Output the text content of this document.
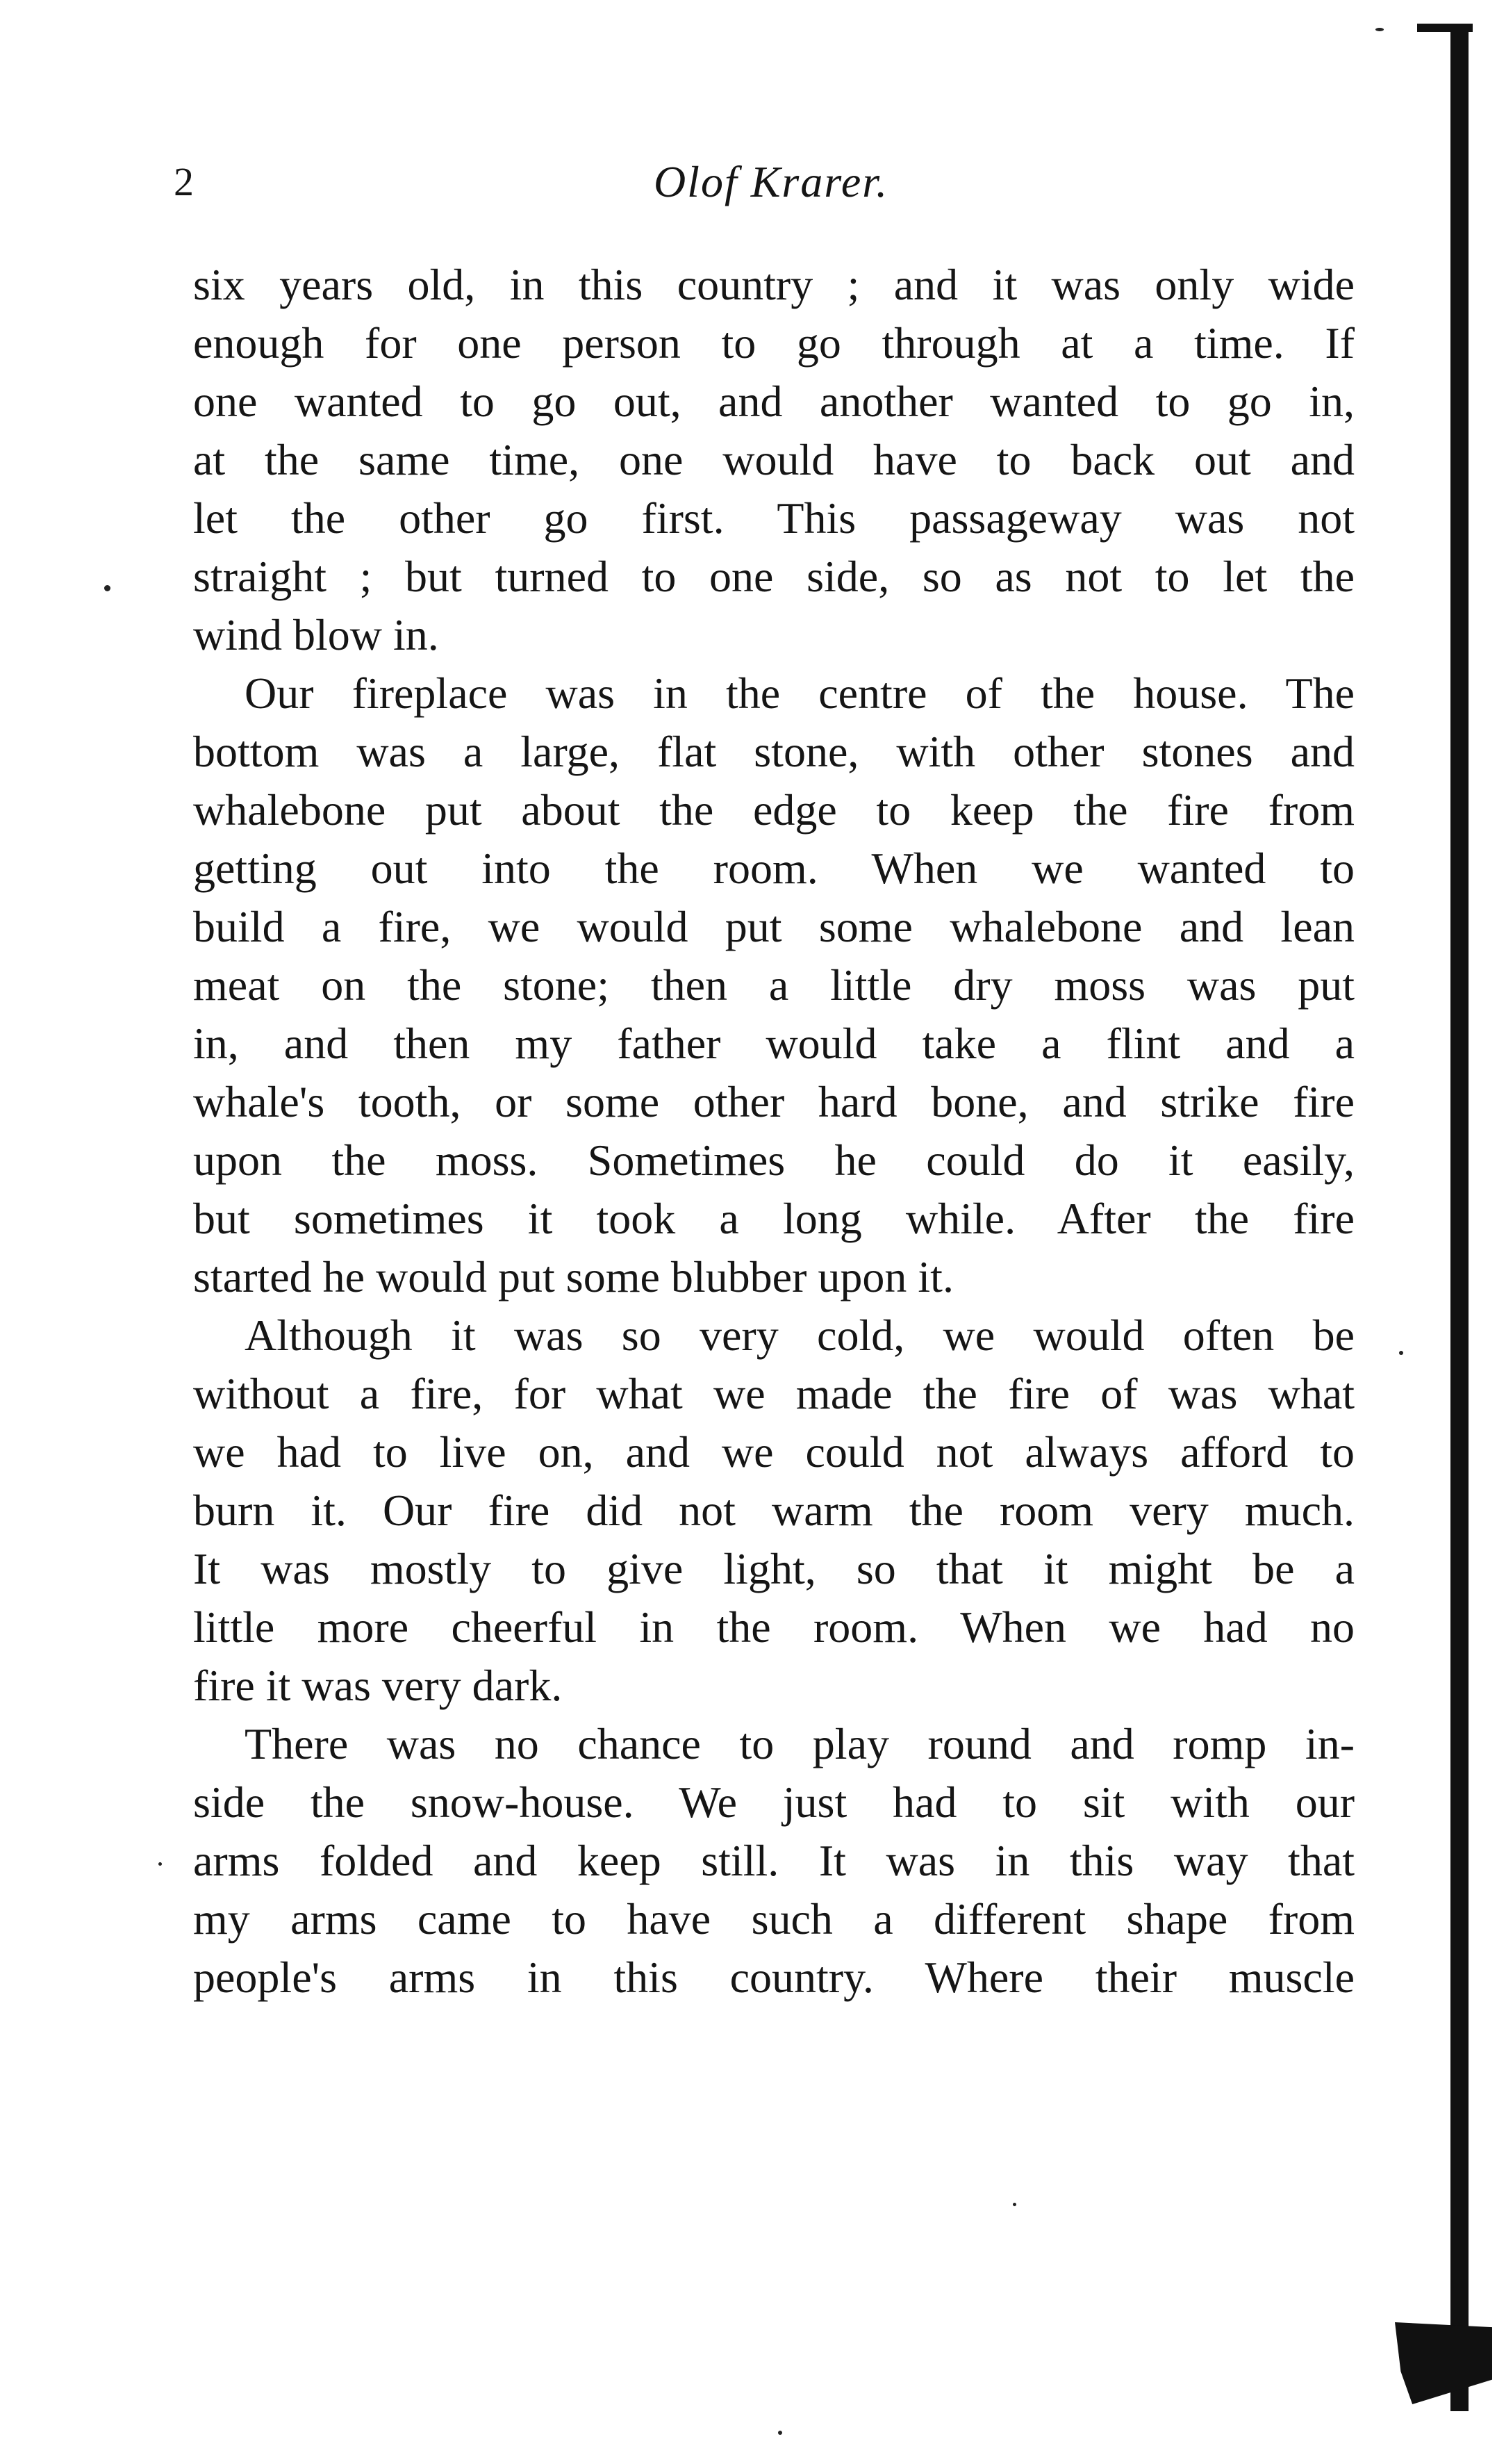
2	Olof Krarer.
six years old, in this country ; and it was only wide
enough for one person to go through at a time. If
one wanted to go out, and another wanted to go in,
at the same time, one would have to back out and
let the other go first. This passageway was not
straight ; but turned to one side, so as not to let the
wind blow in.
Our fireplace was in the centre of the house. The
bottom was a large, flat stone, with other stones and
whalebone put about the edge to keep the fire from
getting out into the room. When we wanted to
build a fire, we would put some whalebone and lean
meat on the stone; then a little dry moss was put
in, and then my father would take a flint and a
whale's tooth, or some other hard bone, and strike fire
upon the moss. Sometimes he could do it easily,
but sometimes it took a long while. After the fire
started he would put some blubber upon it.
Although it was so very cold, we would often be
without a fire, for what we made the fire of was what
we had to live on, and we could not always afford to
burn it. Our fire did not warm the room very much.
It was mostly to give light, so that it might be a
little more cheerful in the room. When we had no
fire it was very dark.
There was no chance to play round and romp in-
side the snow-house. We just had to sit with our
arms folded and keep still. It was in this way that
my arms came to have such a different shape from
people's arms in this country. Where their muscle
